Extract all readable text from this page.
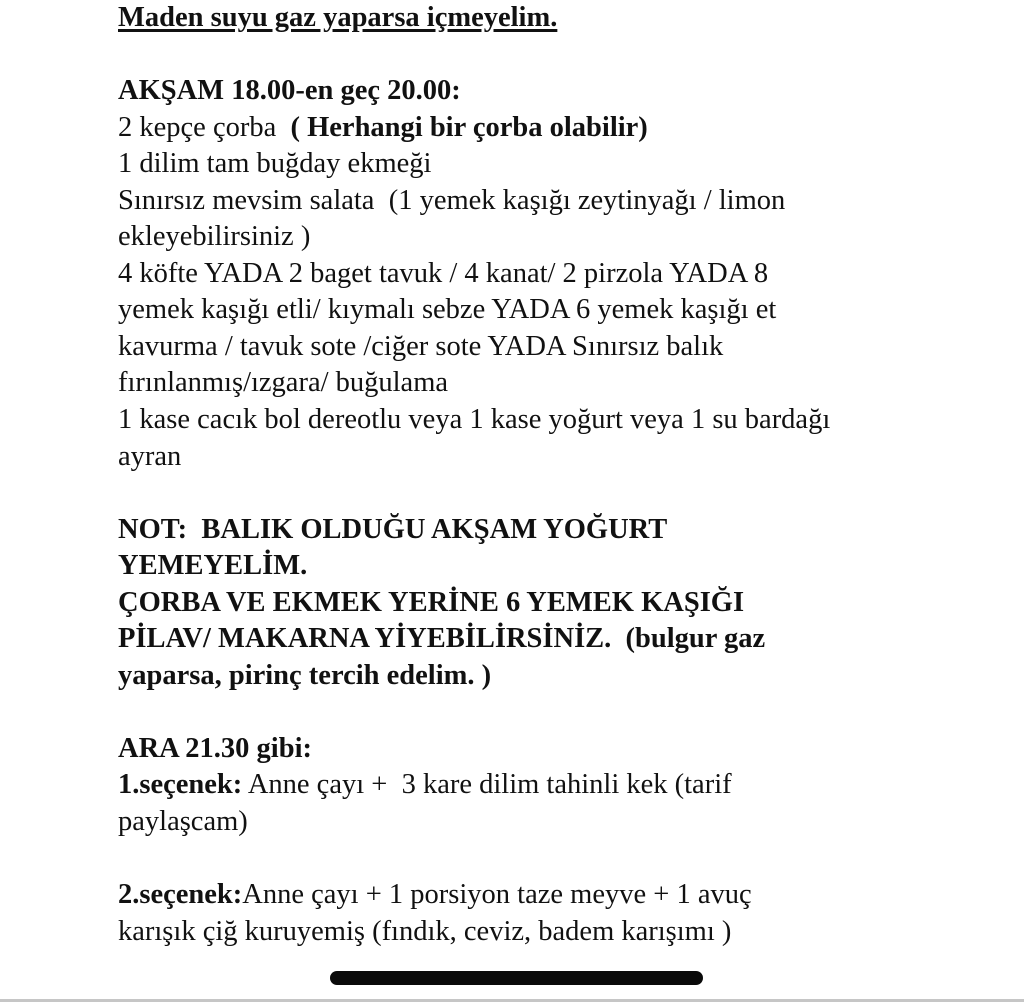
Maden suyu gaz yaparsa içmeyelim.
AKŞAM 18.00-en geç 20.00:
2 kepçe çorba  ( Herhangi bir çorba olabilir)
1 dilim tam buğday ekmeği
Sınırsız mevsim salata  (1 yemek kaşığı zeytinyağı / limon
ekleyebilirsiniz )
4 köfte YADA 2 baget tavuk / 4 kanat/ 2 pirzola YADA 8
yemek kaşığı etli/ kıymalı sebze YADA 6 yemek kaşığı et
kavurma / tavuk sote /ciğer sote YADA Sınırsız balık
fırınlanmış/ızgara/ buğulama
1 kase cacık bol dereotlu veya 1 kase yoğurt veya 1 su bardağı
ayran
NOT:  BALIK OLDUĞU AKŞAM YOĞURT
YEMEYELİM.
ÇORBA VE EKMEK YERİNE 6 YEMEK KAŞIĞI
PİLAV/ MAKARNA YİYEBİLİRSİNİZ.  (bulgur gaz
yaparsa, pirinç tercih edelim. )
ARA 21.30 gibi:
1.seçenek: Anne çayı +  3 kare dilim tahinli kek (tarif
paylaşcam)
2.seçenek:Anne çayı + 1 porsiyon taze meyve + 1 avuç
karışık çiğ kuruyemiş (fındık, ceviz, badem karışımı )
